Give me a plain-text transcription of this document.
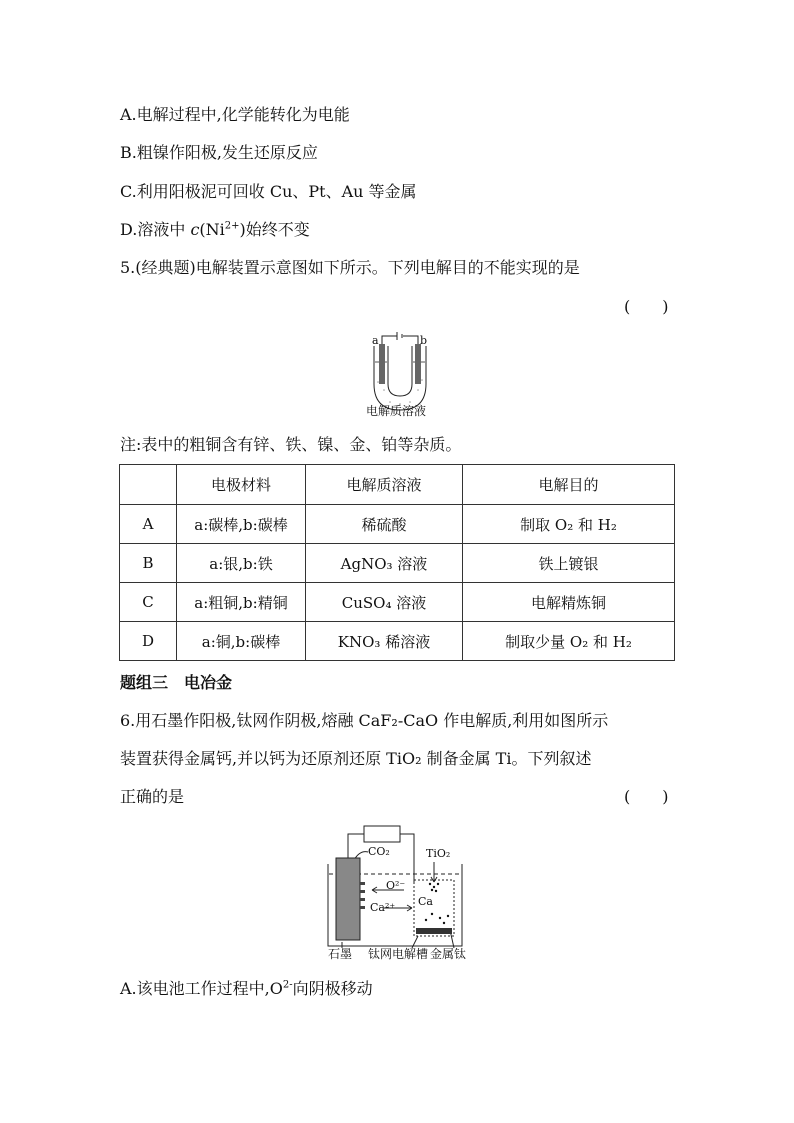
A.电解过程中,化学能转化为电能
B.粗镍作阳极,发生还原反应
C.利用阳极泥可回收 Cu、Pt、Au 等金属
D.溶液中 $c(Ni^{2+})$始终不变
5.(经典题)电解装置示意图如下所示。下列电解目的不能实现的是
(　　)
a	b
电解质溶液
注:表中的粗铜含有锌、铁、镍、金、铂等杂质。
	电极材料	电解质溶液	电解目的
A	a:碳棒,b:碳棒	稀硫酸	制取 O₂ 和 H₂
B	a:银,b:铁	AgNO₃ 溶液	铁上镀银
C	a:粗铜,b:精铜	CuSO₄ 溶液	电解精炼铜
D	a:铜,b:碳棒	KNO₃ 稀溶液	制取少量 O₂ 和 H₂
题组三　电冶金
6.用石墨作阳极,钛网作阴极,熔融 CaF₂-CaO 作电解质,利用如图所示
装置获得金属钙,并以钙为还原剂还原 TiO₂ 制备金属 Ti。下列叙述
正确的是	(　　)
CO₂	TiO₂
O²⁻
Ca²⁺ Ca
石墨 钛网电解槽 金属钛
A.该电池工作过程中$,O^{2-}$向阴极移动
